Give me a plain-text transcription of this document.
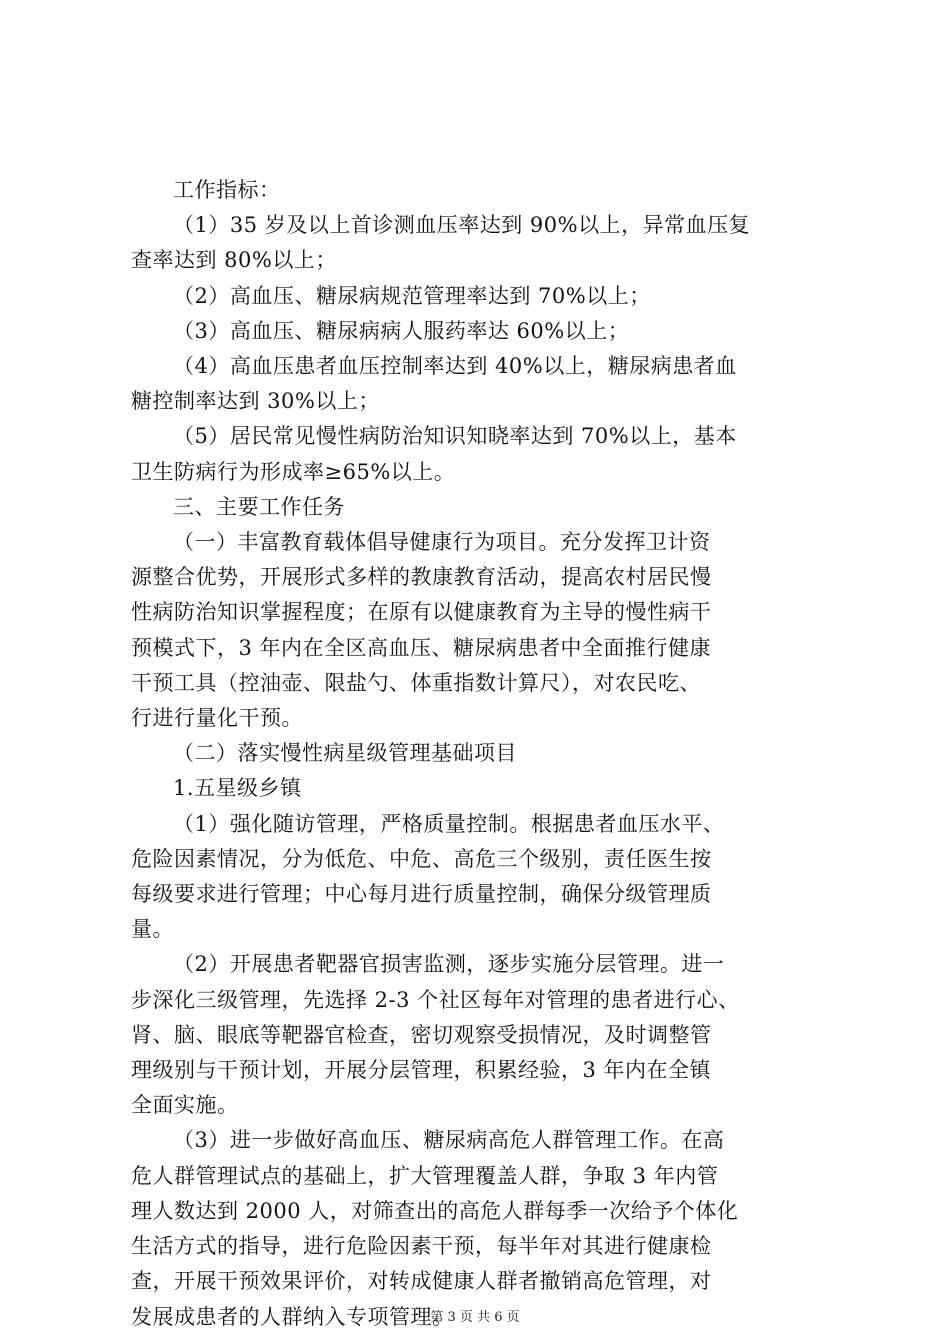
工作指标：
（1）35 岁及以上首诊测血压率达到 90%以上，异常血压复
查率达到 80%以上；
（2）高血压、糖尿病规范管理率达到 70%以上；
（3）高血压、糖尿病病人服药率达 60%以上；
（4）高血压患者血压控制率达到 40%以上，糖尿病患者血
糖控制率达到 30%以上；
（5）居民常见慢性病防治知识知晓率达到 70%以上，基本
卫生防病行为形成率≥65%以上。
三、主要工作任务
（一）丰富教育载体倡导健康行为项目。充分发挥卫计资
源整合优势，开展形式多样的教康教育活动，提高农村居民慢
性病防治知识掌握程度；在原有以健康教育为主导的慢性病干
预模式下，3 年内在全区高血压、糖尿病患者中全面推行健康
干预工具（控油壶、限盐勺、体重指数计算尺），对农民吃、
行进行量化干预。
（二）落实慢性病星级管理基础项目
1.五星级乡镇
（1）强化随访管理，严格质量控制。根据患者血压水平、
危险因素情况，分为低危、中危、高危三个级别，责任医生按
每级要求进行管理；中心每月进行质量控制，确保分级管理质
量。
（2）开展患者靶器官损害监测，逐步实施分层管理。进一
步深化三级管理，先选择 2-3 个社区每年对管理的患者进行心、
肾、脑、眼底等靶器官检查，密切观察受损情况，及时调整管
理级别与干预计划，开展分层管理，积累经验，3 年内在全镇
全面实施。
（3）进一步做好高血压、糖尿病高危人群管理工作。在高
危人群管理试点的基础上，扩大管理覆盖人群，争取 3 年内管
理人数达到 2000 人，对筛查出的高危人群每季一次给予个体化
生活方式的指导，进行危险因素干预，每半年对其进行健康检
查，开展干预效果评价，对转成健康人群者撤销高危管理，对
发展成患者的人群纳入专项管理。
第 3 页 共 6 页
